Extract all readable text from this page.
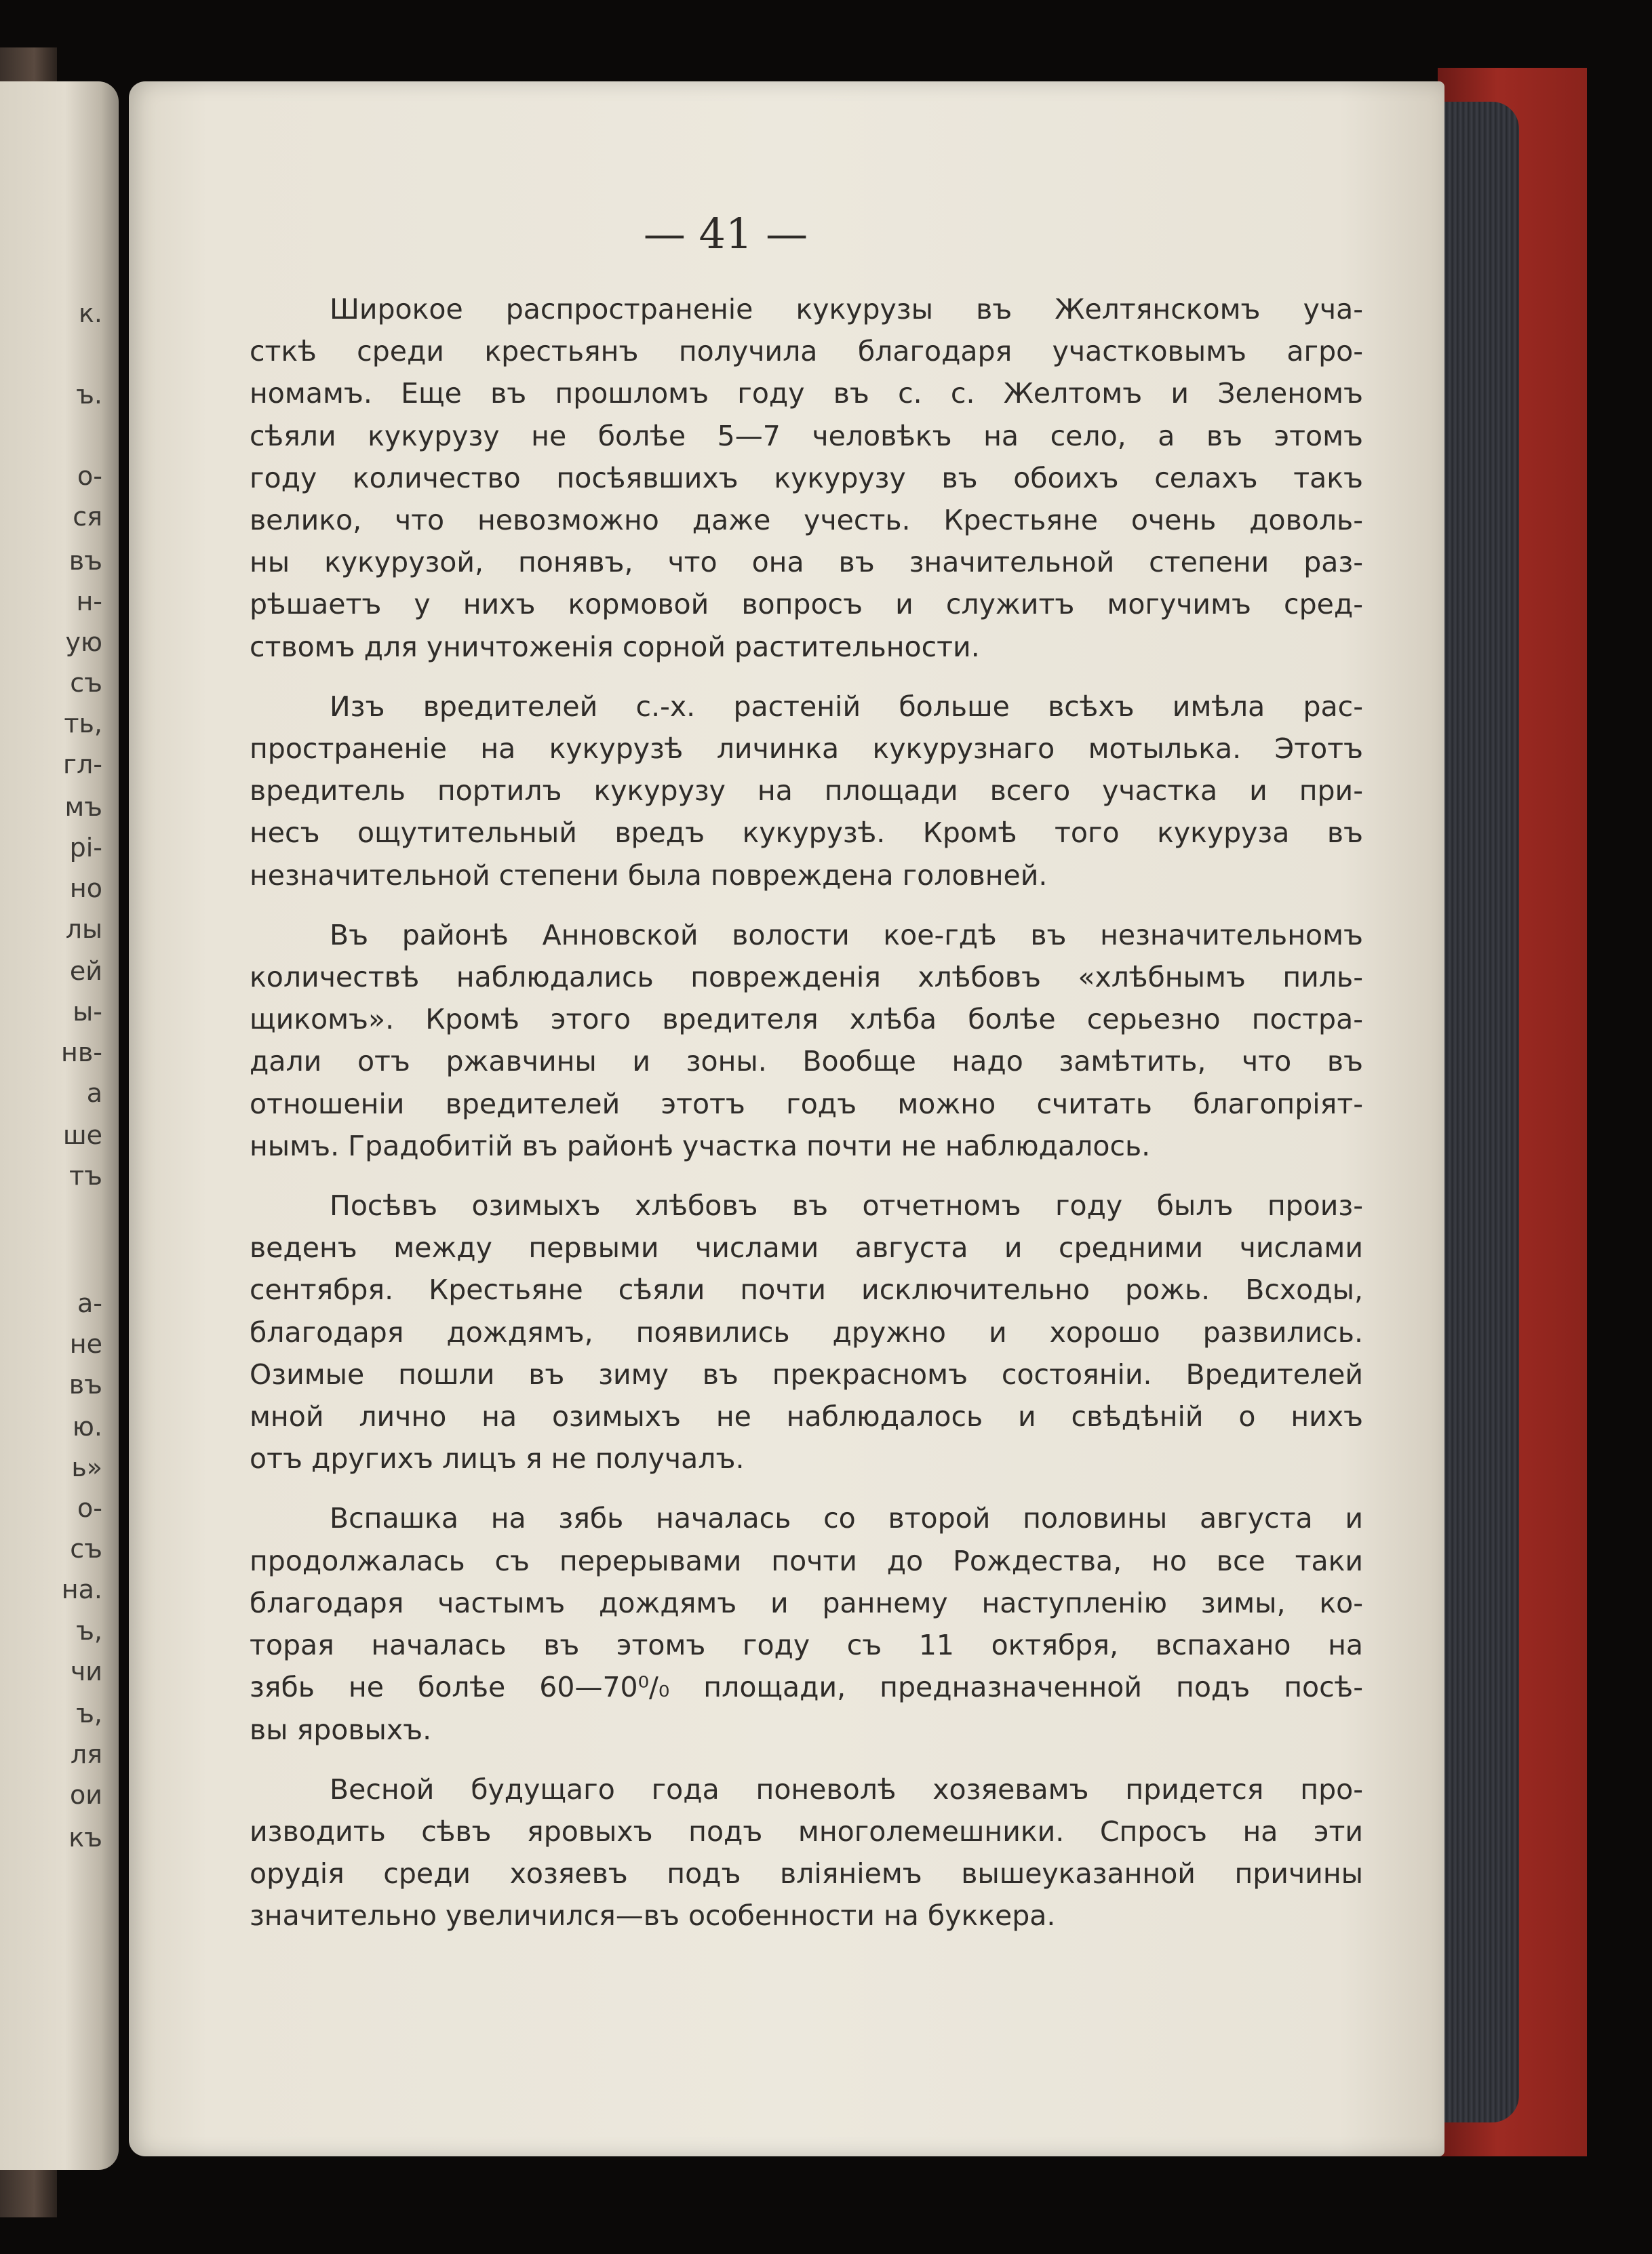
к.
ъ.
о-
ся
въ
н-
ую
съ
ть,
гл-
мъ
рi-
но
лы
ей
ы-
нв-
а
ше
тъ
а-
не
въ
ю.
ь»
о-
съ
на.
ъ,
чи
ъ,
ля
ои
къ
— 41 —
Широкое распространенiе кукурузы въ Желтянскомъ уча-
сткѣ среди крестьянъ получила благодаря участковымъ агро-
номамъ. Еще въ прошломъ году въ с. с. Желтомъ и Зеленомъ
сѣяли кукурузу не болѣе 5—7 человѣкъ на село, а въ этомъ
году количество посѣявшихъ кукурузу въ обоихъ селахъ такъ
велико, что невозможно даже учесть. Крестьяне очень доволь-
ны кукурузой, понявъ, что она въ значительной степени раз-
рѣшаетъ у нихъ кормовой вопросъ и служитъ могучимъ сред-
ствомъ для уничтоженiя сорной растительности.
Изъ вредителей с.-х. растенiй больше всѣхъ имѣла рас-
пространенiе на кукурузѣ личинка кукурузнаго мотылька. Этотъ
вредитель портилъ кукурузу на площади всего участка и при-
несъ ощутительный вредъ кукурузѣ. Кромѣ того кукуруза въ
незначительной степени была повреждена головней.
Въ районѣ Анновской волости кое-гдѣ въ незначительномъ
количествѣ наблюдались поврежденiя хлѣбовъ «хлѣбнымъ пиль-
щикомъ». Кромѣ этого вредителя хлѣба болѣе серьезно постра-
дали отъ ржавчины и зоны. Вообще надо замѣтить, что въ
отношенiи вредителей этотъ годъ можно считать благопрiят-
нымъ. Градобитiй въ районѣ участка почти не наблюдалось.
Посѣвъ озимыхъ хлѣбовъ въ отчетномъ году былъ произ-
веденъ между первыми числами августа и средними числами
сентября. Крестьяне сѣяли почти исключительно рожь. Всходы,
благодаря дождямъ, появились дружно и хорошо развились.
Озимые пошли въ зиму въ прекрасномъ состоянiи. Вредителей
мной лично на озимыхъ не наблюдалось и свѣдѣнiй о нихъ
отъ другихъ лицъ я не получалъ.
Вспашка на зябь началась со второй половины августа и
продолжалась съ перерывами почти до Рождества, но все таки
благодаря частымъ дождямъ и раннему наступленiю зимы, ко-
торая началась въ этомъ году съ 11 октября, вспахано на
зябь не болѣе 60—70⁰/₀ площади, предназначенной подъ посѣ-
вы яровыхъ.
Весной будущаго года поневолѣ хозяевамъ придется про-
изводить сѣвъ яровыхъ подъ многолемешники. Спросъ на эти
орудiя среди хозяевъ подъ влiянiемъ вышеуказанной причины
значительно увеличился—въ особенности на буккера.
